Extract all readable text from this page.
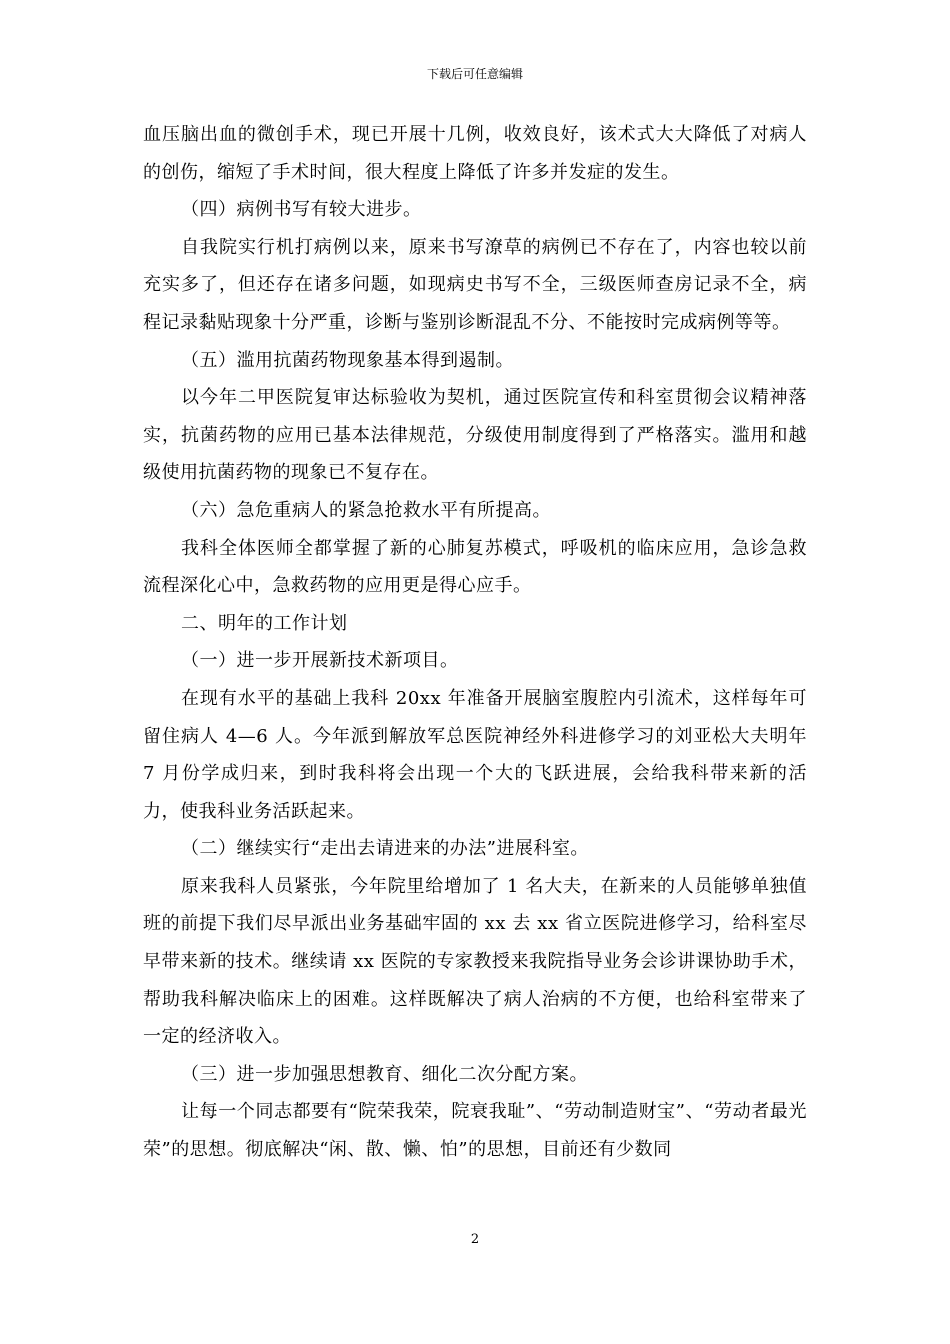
下载后可任意编辑

血压脑出血的微创手术，现已开展十几例，收效良好，该术式大大降低了对病人的创伤，缩短了手术时间，很大程度上降低了许多并发症的发生。

（四）病例书写有较大进步。

自我院实行机打病例以来，原来书写潦草的病例已不存在了，内容也较以前充实多了，但还存在诸多问题，如现病史书写不全，三级医师查房记录不全，病程记录黏贴现象十分严重，诊断与鉴别诊断混乱不分、不能按时完成病例等等。

（五）滥用抗菌药物现象基本得到遏制。

以今年二甲医院复审达标验收为契机，通过医院宣传和科室贯彻会议精神落实，抗菌药物的应用已基本法律规范，分级使用制度得到了严格落实。滥用和越级使用抗菌药物的现象已不复存在。

（六）急危重病人的紧急抢救水平有所提高。

我科全体医师全都掌握了新的心肺复苏模式，呼吸机的临床应用，急诊急救流程深化心中，急救药物的应用更是得心应手。

二、明年的工作计划

（一）进一步开展新技术新项目。

在现有水平的基础上我科 20xx 年准备开展脑室腹腔内引流术，这样每年可留住病人 4—6 人。今年派到解放军总医院神经外科进修学习的刘亚松大夫明年 7 月份学成归来，到时我科将会出现一个大的飞跃进展，会给我科带来新的活力，使我科业务活跃起来。

（二）继续实行“走出去请进来的办法”进展科室。

原来我科人员紧张，今年院里给增加了 1 名大夫，在新来的人员能够单独值班的前提下我们尽早派出业务基础牢固的 xx 去 xx 省立医院进修学习，给科室尽早带来新的技术。继续请 xx 医院的专家教授来我院指导业务会诊讲课协助手术，帮助我科解决临床上的困难。这样既解决了病人治病的不方便，也给科室带来了一定的经济收入。

（三）进一步加强思想教育、细化二次分配方案。

让每一个同志都要有“院荣我荣，院衰我耻”、“劳动制造财宝”、“劳动者最光荣”的思想。彻底解决“闲、散、懒、怕”的思想，目前还有少数同

2
